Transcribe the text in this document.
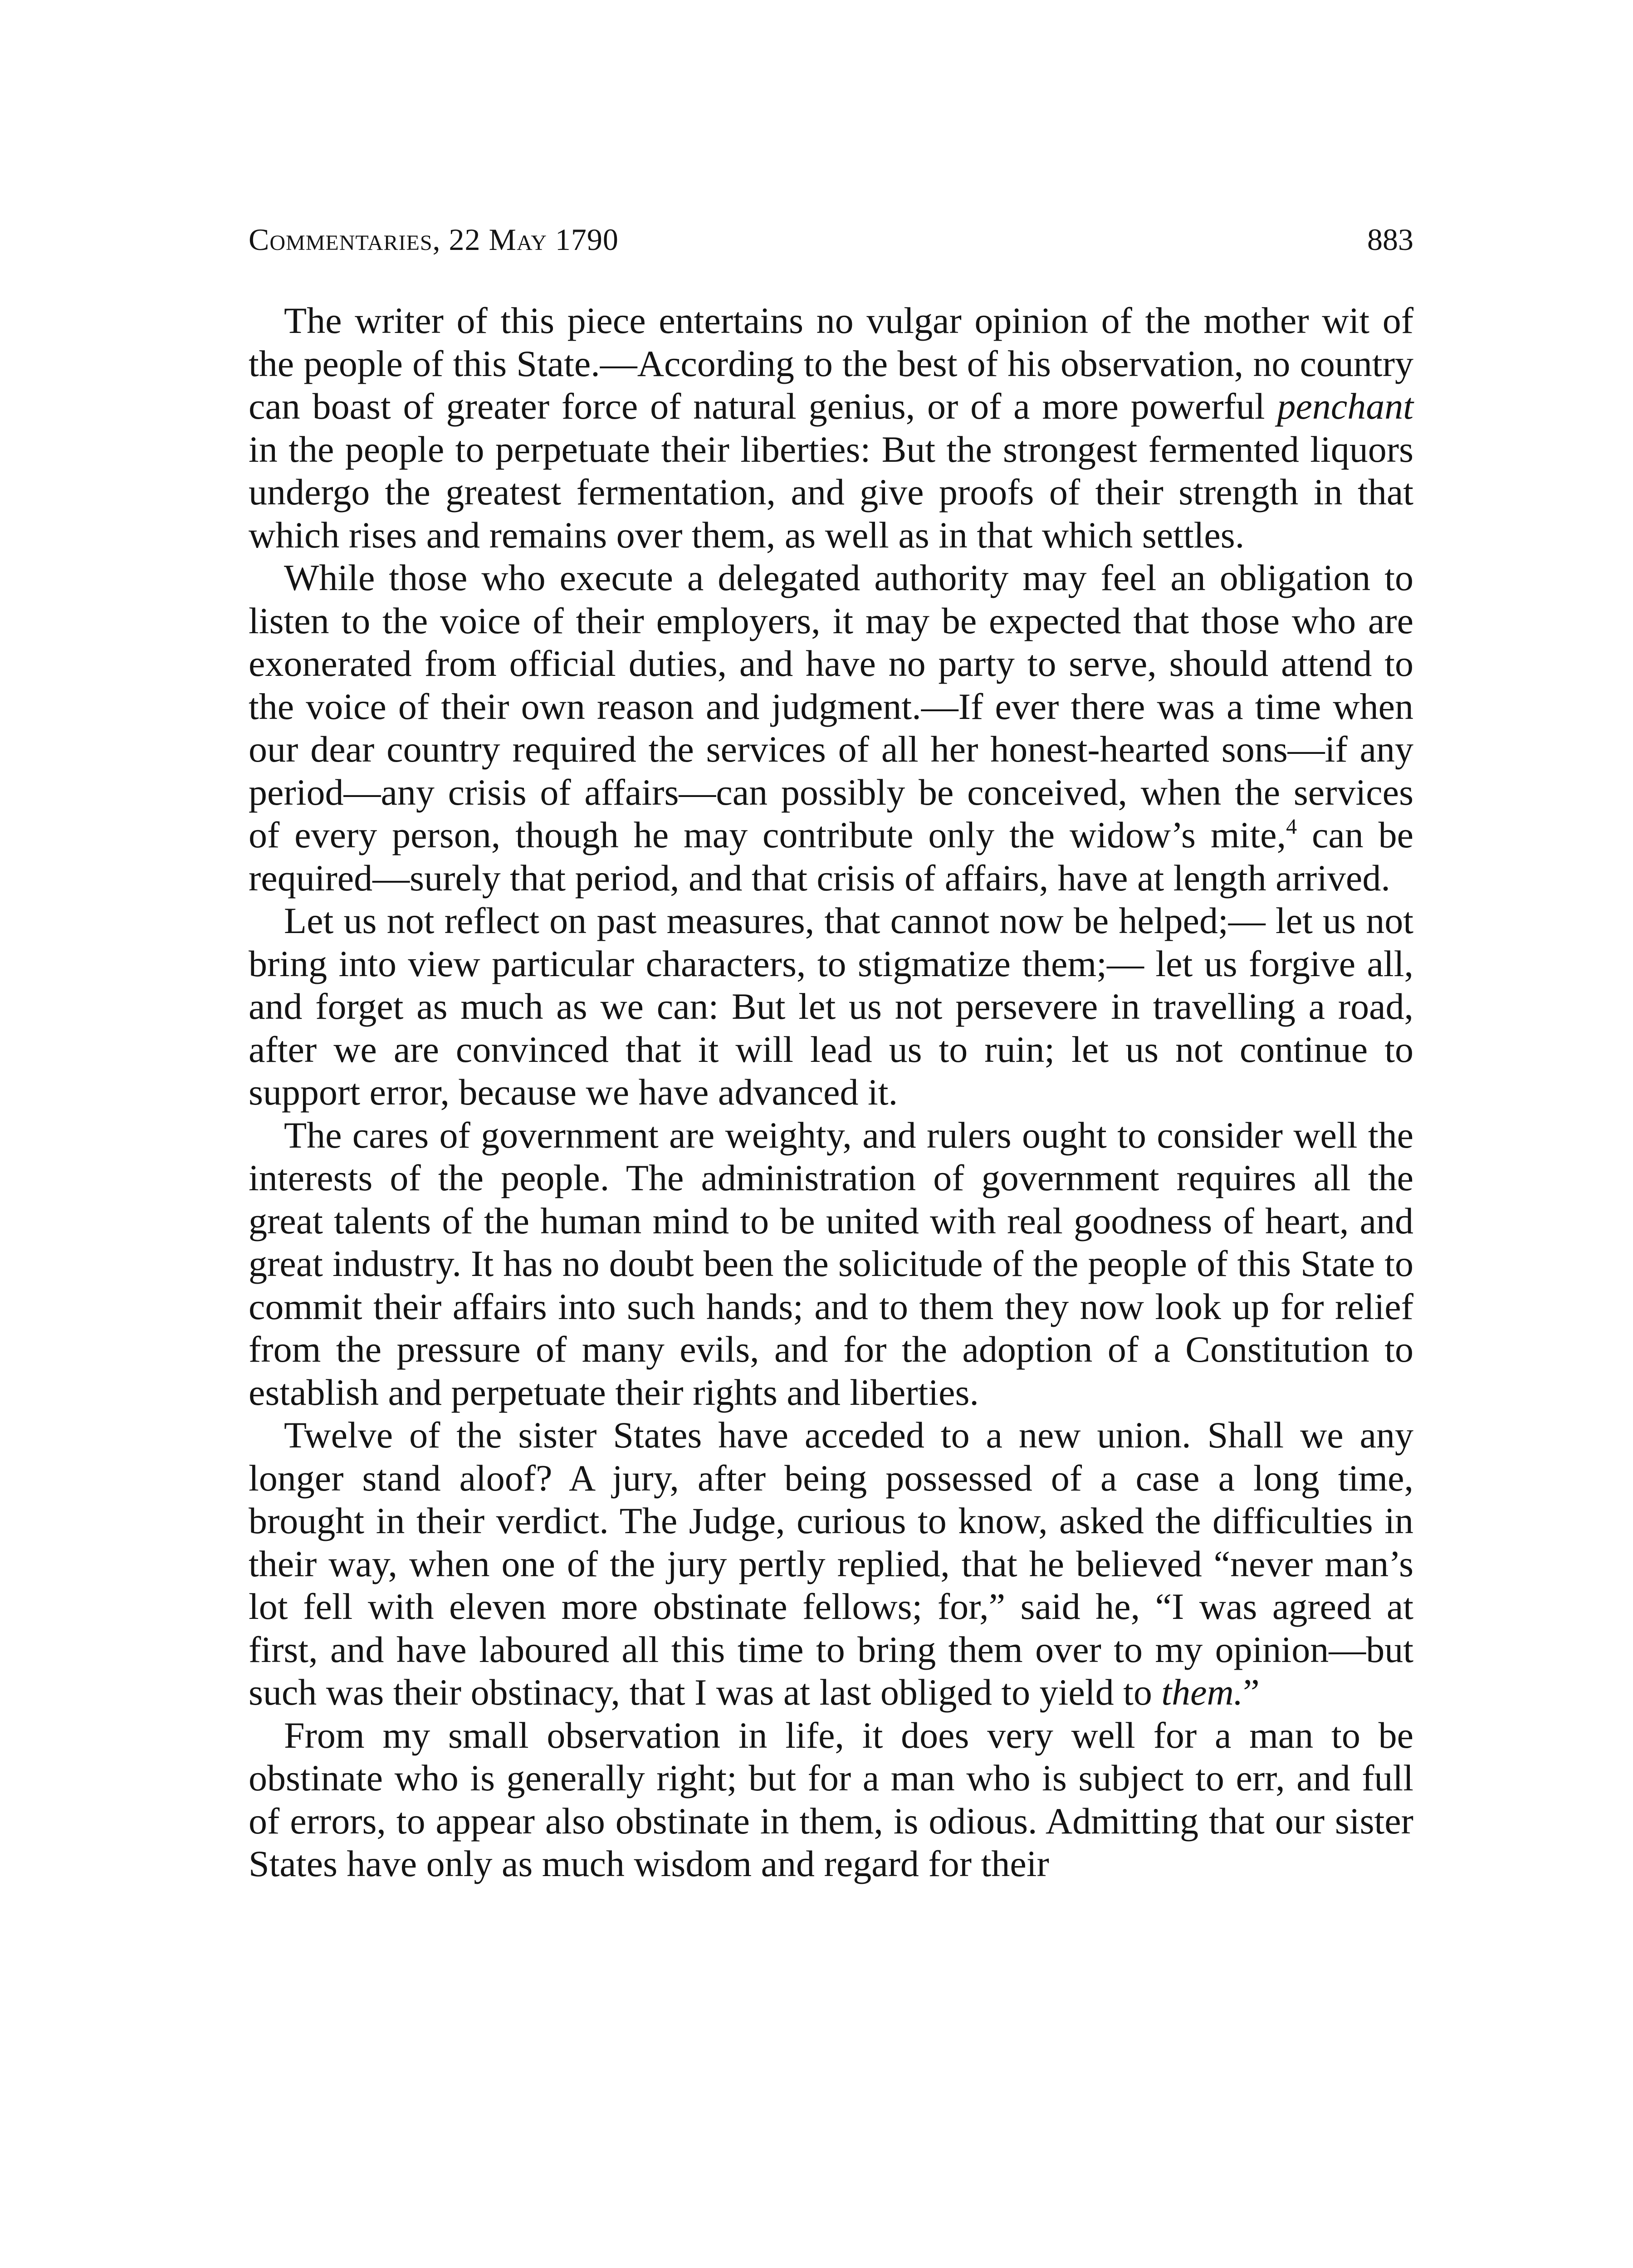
Commentaries, 22 May 1790	883

The writer of this piece entertains no vulgar opinion of the mother wit of the people of this State.—According to the best of his observation, no country can boast of greater force of natural genius, or of a more powerful penchant in the people to perpetuate their liberties: But the strongest fermented liquors undergo the greatest fermentation, and give proofs of their strength in that which rises and remains over them, as well as in that which settles.

While those who execute a delegated authority may feel an obligation to listen to the voice of their employers, it may be expected that those who are exonerated from official duties, and have no party to serve, should attend to the voice of their own reason and judgment.—If ever there was a time when our dear country required the services of all her honest-hearted sons—if any period—any crisis of affairs—can possibly be conceived, when the services of every person, though he may contribute only the widow’s mite,$^4$ can be required—surely that period, and that crisis of affairs, have at length arrived.

Let us not reflect on past measures, that cannot now be helped;— let us not bring into view particular characters, to stigmatize them;— let us forgive all, and forget as much as we can: But let us not persevere in travelling a road, after we are convinced that it will lead us to ruin; let us not continue to support error, because we have advanced it.

The cares of government are weighty, and rulers ought to consider well the interests of the people. The administration of government requires all the great talents of the human mind to be united with real goodness of heart, and great industry. It has no doubt been the solicitude of the people of this State to commit their affairs into such hands; and to them they now look up for relief from the pressure of many evils, and for the adoption of a Constitution to establish and perpetuate their rights and liberties.

Twelve of the sister States have acceded to a new union. Shall we any longer stand aloof? A jury, after being possessed of a case a long time, brought in their verdict. The Judge, curious to know, asked the difficulties in their way, when one of the jury pertly replied, that he believed “never man’s lot fell with eleven more obstinate fellows; for,” said he, “I was agreed at first, and have laboured all this time to bring them over to my opinion—but such was their obstinacy, that I was at last obliged to yield to them.”

From my small observation in life, it does very well for a man to be obstinate who is generally right; but for a man who is subject to err, and full of errors, to appear also obstinate in them, is odious. Admitting that our sister States have only as much wisdom and regard for their
